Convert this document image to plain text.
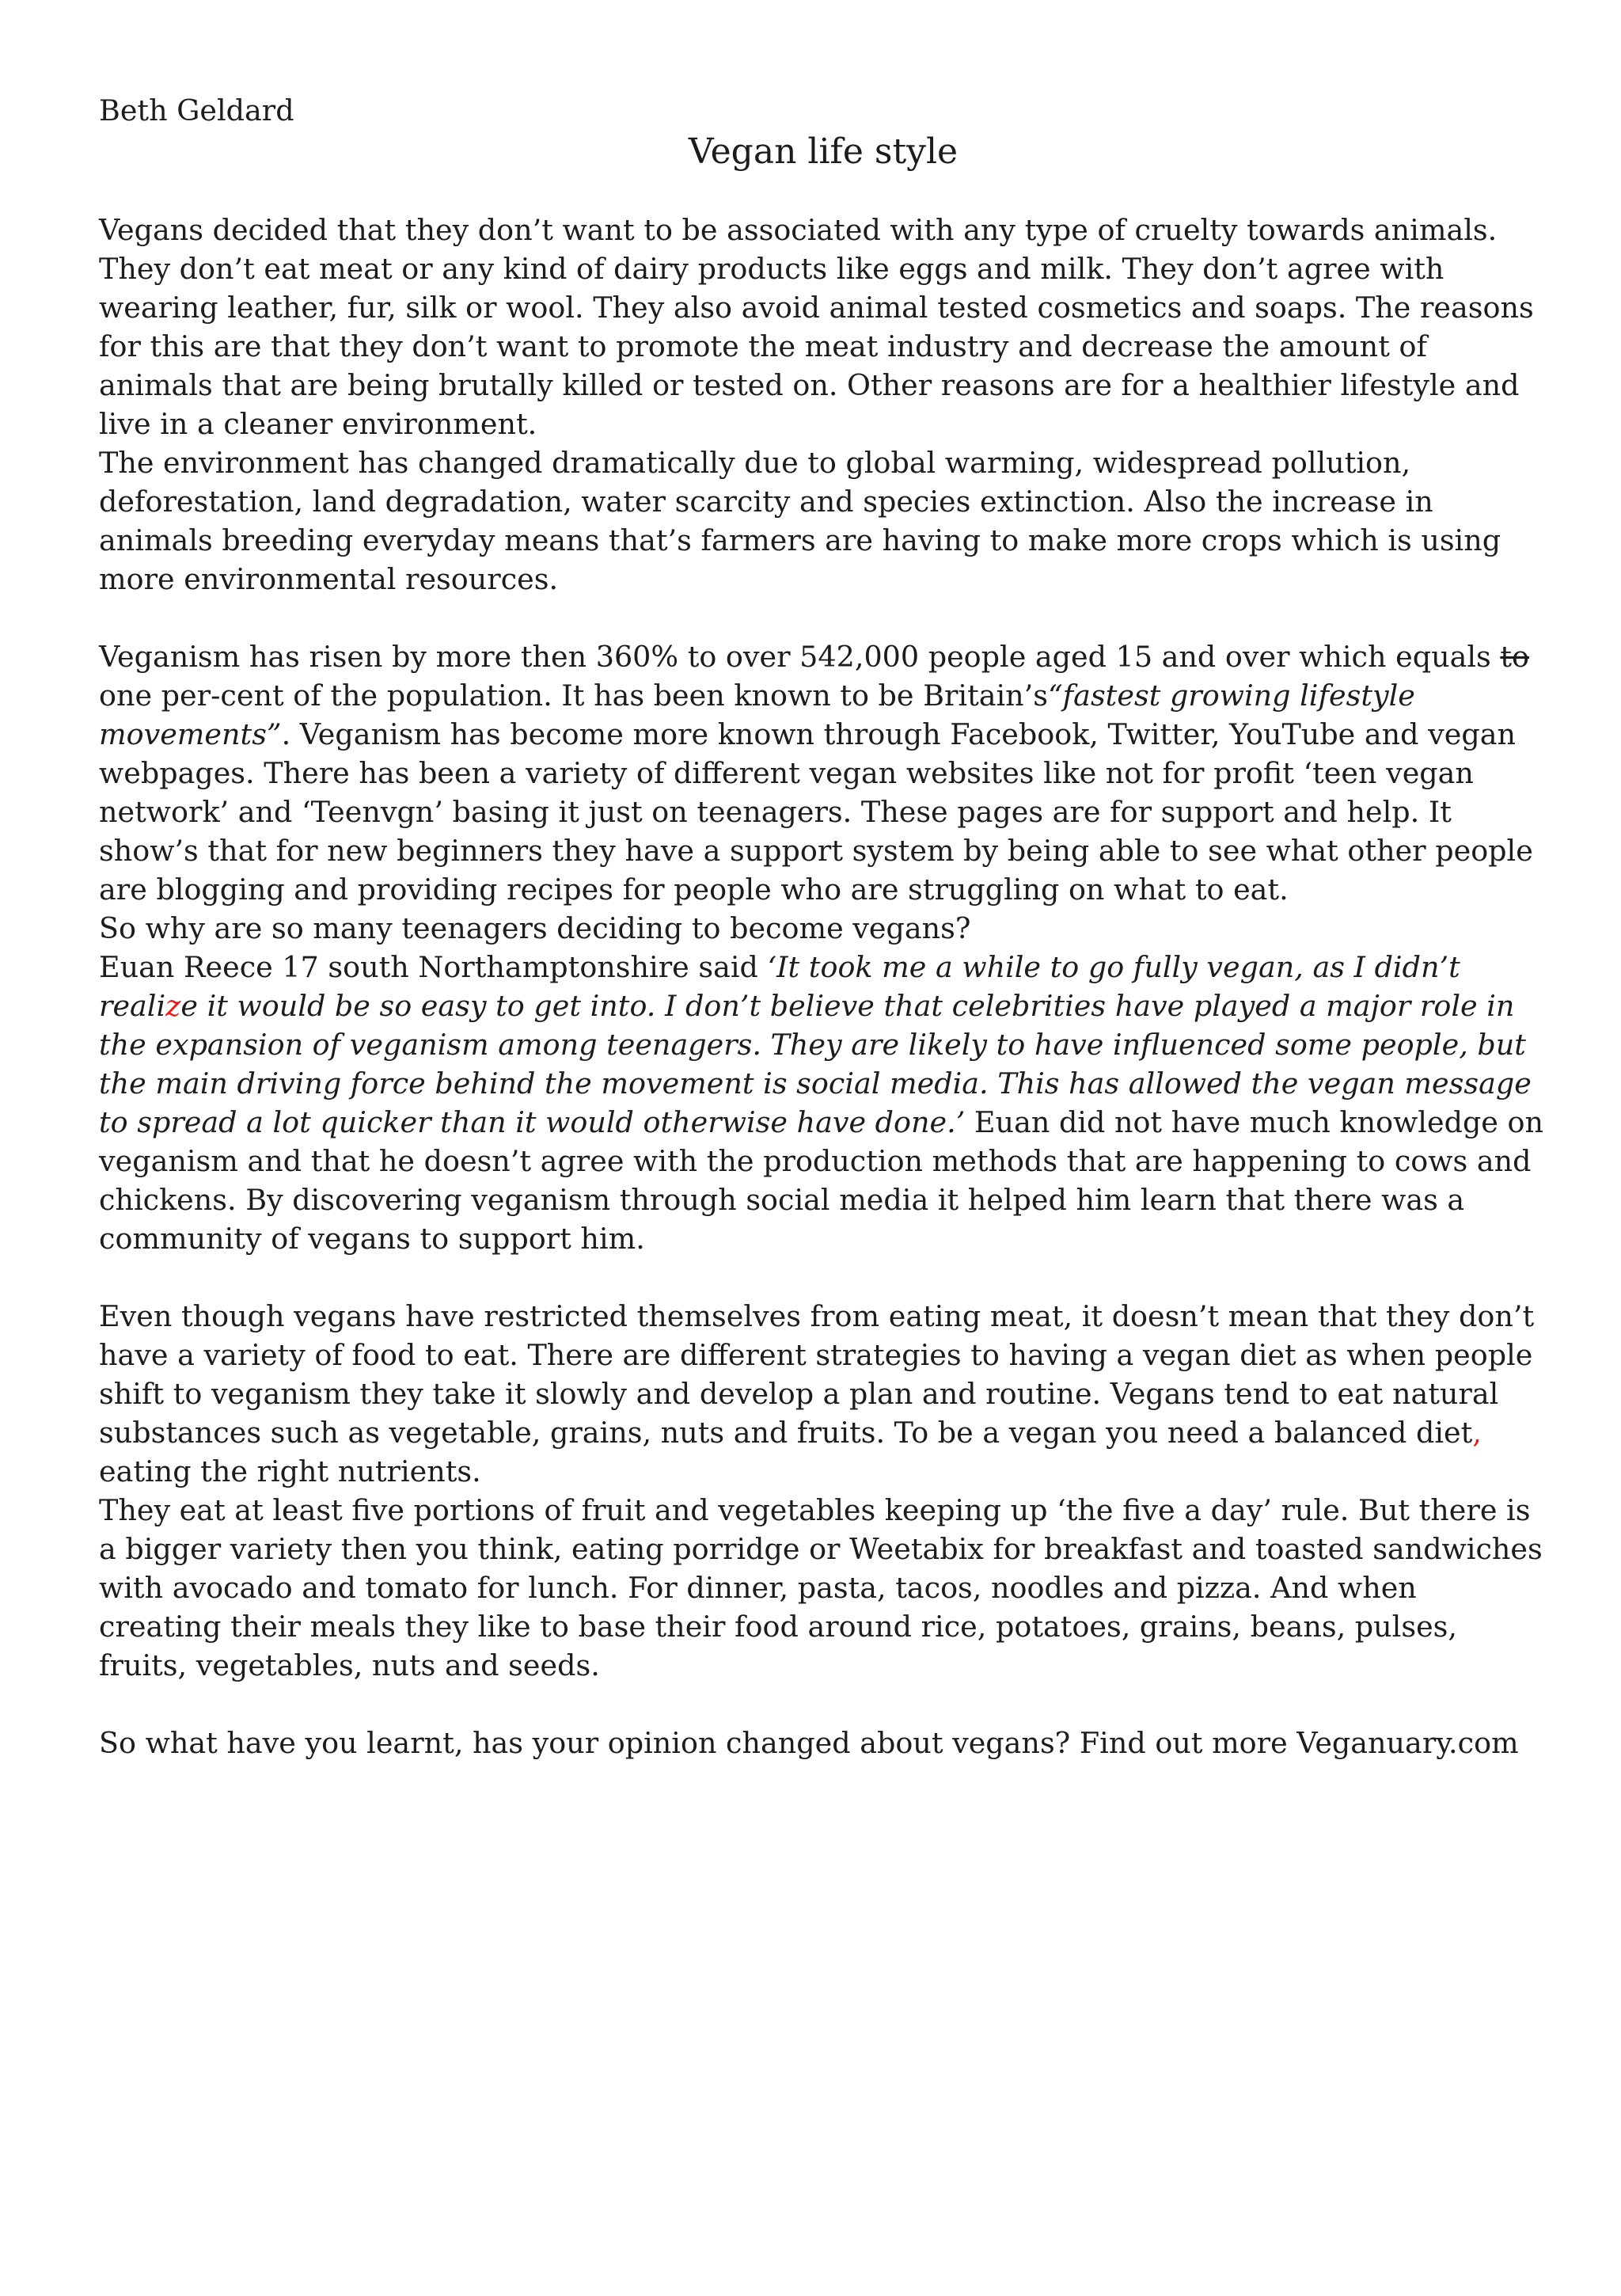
Beth Geldard

Vegan life style

Vegans decided that they don’t want to be associated with any type of cruelty towards animals. They don’t eat meat or any kind of dairy products like eggs and milk. They don’t agree with wearing leather, fur, silk or wool. They also avoid animal tested cosmetics and soaps. The reasons for this are that they don’t want to promote the meat industry and decrease the amount of animals that are being brutally killed or tested on. Other reasons are for a healthier lifestyle and live in a cleaner environment.

The environment has changed dramatically due to global warming, widespread pollution, deforestation, land degradation, water scarcity and species extinction. Also the increase in animals breeding everyday means that’s farmers are having to make more crops which is using more environmental resources.

Veganism has risen by more then 360% to over 542,000 people aged 15 and over which equals to one per-cent of the population. It has been known to be Britain’s“fastest growing lifestyle movements”. Veganism has become more known through Facebook, Twitter, YouTube and vegan webpages. There has been a variety of different vegan websites like not for profit ‘teen vegan network’ and ‘Teenvgn’ basing it just on teenagers. These pages are for support and help. It show’s that for new beginners they have a support system by being able to see what other people are blogging and providing recipes for people who are struggling on what to eat.

So why are so many teenagers deciding to become vegans?

Euan Reece 17 south Northamptonshire said ‘It took me a while to go fully vegan, as I didn’t realize it would be so easy to get into. I don’t believe that celebrities have played a major role in the expansion of veganism among teenagers. They are likely to have influenced some people, but the main driving force behind the movement is social media. This has allowed the vegan message to spread a lot quicker than it would otherwise have done.’ Euan did not have much knowledge on veganism and that he doesn’t agree with the production methods that are happening to cows and chickens. By discovering veganism through social media it helped him learn that there was a community of vegans to support him.

Even though vegans have restricted themselves from eating meat, it doesn’t mean that they don’t have a variety of food to eat. There are different strategies to having a vegan diet as when people shift to veganism they take it slowly and develop a plan and routine. Vegans tend to eat natural substances such as vegetable, grains, nuts and fruits. To be a vegan you need a balanced diet, eating the right nutrients.

They eat at least five portions of fruit and vegetables keeping up ‘the five a day’ rule. But there is a bigger variety then you think, eating porridge or Weetabix for breakfast and toasted sandwiches with avocado and tomato for lunch. For dinner, pasta, tacos, noodles and pizza. And when creating their meals they like to base their food around rice, potatoes, grains, beans, pulses, fruits, vegetables, nuts and seeds.

So what have you learnt, has your opinion changed about vegans? Find out more Veganuary.com
